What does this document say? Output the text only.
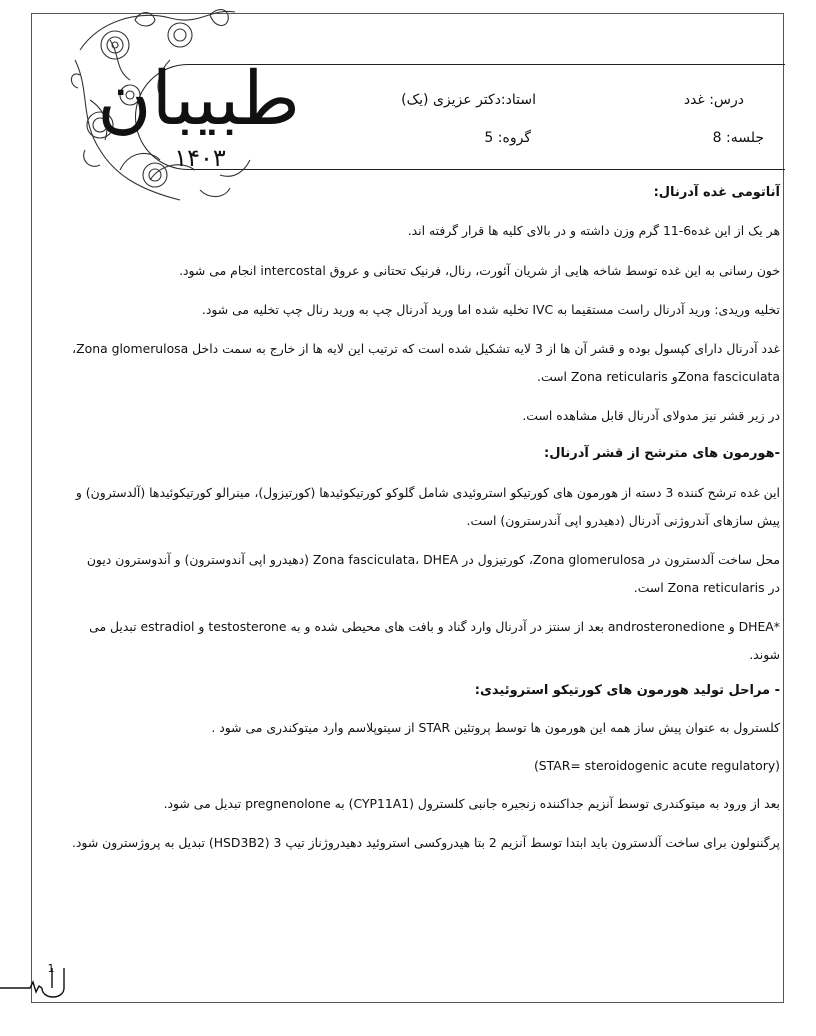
طبیبان
۱۴۰۳
درس: غدد
استاد:دکتر عزیزی (یک)
جلسه: 8
گروه: 5

آناتومی غده آدرنال:

هر یک از این غده6-11 گرم وزن داشته و در بالای کلیه ها قرار گرفته اند.

خون رسانی به این غده توسط شاخه هایی از شریان آئورت، رنال، فرنیک تحتانی و عروق intercostal انجام می شود.

تخلیه وریدی: ورید آدرنال راست مستقیما به IVC تخلیه شده اما ورید آدرنال چپ به ورید رنال چپ تخلیه می شود.

غدد آدرنال دارای کپسول بوده و قشر آن ها از 3 لایه تشکیل شده است که ترتیب این لایه ها از خارج به سمت داخل Zona glomerulosa،

Zona fasciculataو Zona reticularis است.

در زیر قشر نیز مدولای آدرنال قابل مشاهده است.

-هورمون های مترشح از قشر آدرنال:

این غده ترشح کننده 3 دسته از هورمون های کورتیکو استروئیدی شامل گلوکو کورتیکوئیدها (کورتیزول)، مینرالو کورتیکوئیدها (آلدسترون) و

پیش سازهای آندروژنی آدرنال (دهیدرو اپی آندرسترون) است.

محل ساخت آلدسترون در Zona glomerulosa، کورتیزول در Zona fasciculata، DHEA (دهیدرو اپی آندوسترون) و آندوسترون دیون

در Zona reticularis است.

*DHEA و androsteronedione بعد از سنتز در آدرنال وارد گناد و بافت های محیطی شده و به testosterone و estradiol تبدیل می

شوند.

- مراحل تولید هورمون های کورتیکو استروئیدی:

کلسترول به عنوان پیش ساز همه این هورمون ها توسط پروتئین STAR از سیتوپلاسم وارد میتوکندری می شود .

(STAR= steroidogenic acute regulatory)

بعد از ورود به میتوکندری توسط آنزیم جداکننده زنجیره جانبی کلسترول (CYP11A1) به pregnenolone تبدیل می شود.

پرگننولون برای ساخت آلدسترون باید ابتدا توسط آنزیم 2 بتا هیدروکسی استروئید دهیدروژناز تیپ 3 (HSD3B2) تبدیل به پروژسترون شود.

1
